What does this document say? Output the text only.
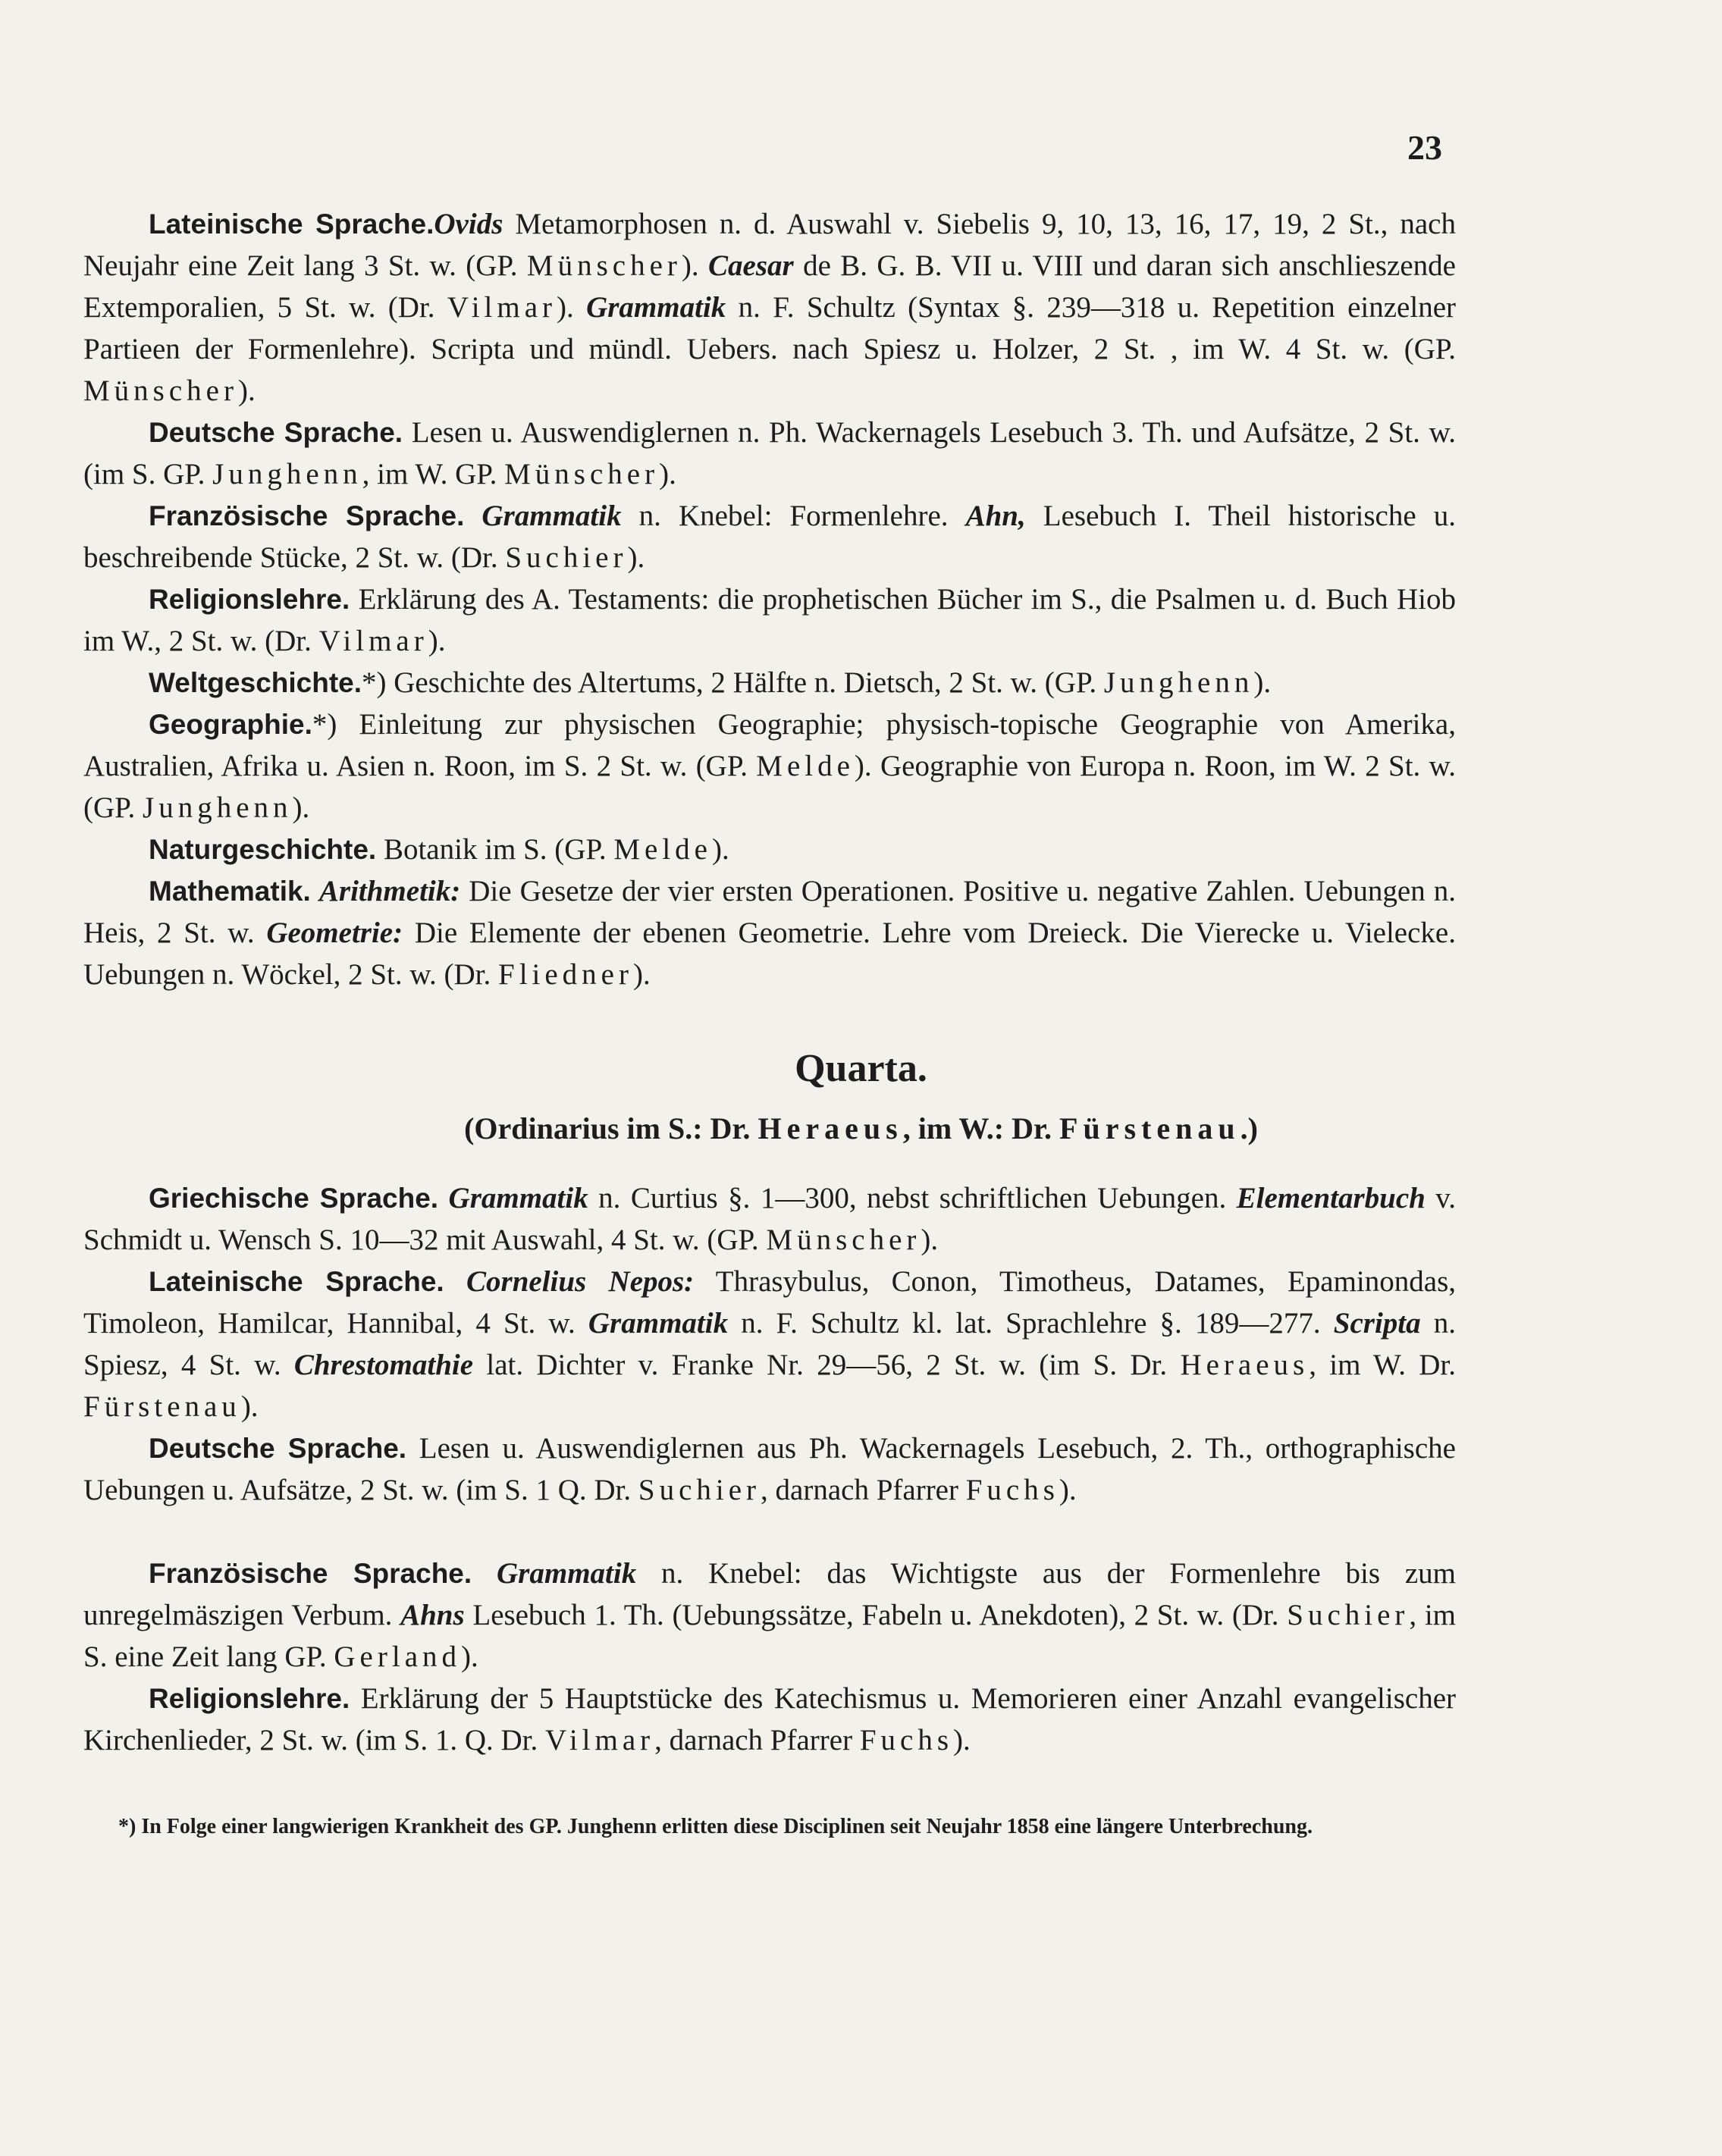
23
Lateinische Sprache.Ovids Metamorphosen n. d. Auswahl v. Siebelis 9, 10, 13, 16, 17, 19, 2 St., nach Neujahr eine Zeit lang 3 St. w. (GP. Münscher). Caesar de B. G. B. VII u. VIII und daran sich anschlieszende Extemporalien, 5 St. w. (Dr. Vilmar). Grammatik n. F. Schultz (Syntax §. 239—318 u. Repetition einzelner Partieen der Formenlehre). Scripta und mündl. Uebers. nach Spiesz u. Holzer, 2 St. , im W. 4 St. w. (GP. Münscher).
Deutsche Sprache. Lesen u. Auswendiglernen n. Ph. Wackernagels Lesebuch 3. Th. und Aufsätze, 2 St. w. (im S. GP. Junghenn, im W. GP. Münscher).
Französische Sprache. Grammatik n. Knebel: Formenlehre. Ahn, Lesebuch I. Theil historische u. beschreibende Stücke, 2 St. w. (Dr. Suchier).
Religionslehre. Erklärung des A. Testaments: die prophetischen Bücher im S., die Psalmen u. d. Buch Hiob im W., 2 St. w. (Dr. Vilmar).
Weltgeschichte.*) Geschichte des Altertums, 2 Hälfte n. Dietsch, 2 St. w. (GP. Junghenn).
Geographie.*) Einleitung zur physischen Geographie; physisch-topische Geographie von Amerika, Australien, Afrika u. Asien n. Roon, im S. 2 St. w. (GP. Melde). Geographie von Europa n. Roon, im W. 2 St. w. (GP. Junghenn).
Naturgeschichte. Botanik im S. (GP. Melde).
Mathematik. Arithmetik: Die Gesetze der vier ersten Operationen. Positive u. negative Zahlen. Uebungen n. Heis, 2 St. w. Geometrie: Die Elemente der ebenen Geometrie. Lehre vom Dreieck. Die Vierecke u. Vielecke. Uebungen n. Wöckel, 2 St. w. (Dr. Fliedner).
Quarta.
(Ordinarius im S.: Dr. Heraeus, im W.: Dr. Fürstenau.)
Griechische Sprache. Grammatik n. Curtius §. 1—300, nebst schriftlichen Uebungen. Elementarbuch v. Schmidt u. Wensch S. 10—32 mit Auswahl, 4 St. w. (GP. Münscher).
Lateinische Sprache. Cornelius Nepos: Thrasybulus, Conon, Timotheus, Datames, Epaminondas, Timoleon, Hamilcar, Hannibal, 4 St. w. Grammatik n. F. Schultz kl. lat. Sprachlehre §. 189—277. Scripta n. Spiesz, 4 St. w. Chrestomathie lat. Dichter v. Franke Nr. 29—56, 2 St. w. (im S. Dr. Heraeus, im W. Dr. Fürstenau).
Deutsche Sprache. Lesen u. Auswendiglernen aus Ph. Wackernagels Lesebuch, 2. Th., orthographische Uebungen u. Aufsätze, 2 St. w. (im S. 1 Q. Dr. Suchier, darnach Pfarrer Fuchs).
Französische Sprache. Grammatik n. Knebel: das Wichtigste aus der Formenlehre bis zum unregelmäszigen Verbum. Ahns Lesebuch 1. Th. (Uebungssätze, Fabeln u. Anekdoten), 2 St. w. (Dr. Suchier, im S. eine Zeit lang GP. Gerland).
Religionslehre. Erklärung der 5 Hauptstücke des Katechismus u. Memorieren einer Anzahl evangelischer Kirchenlieder, 2 St. w. (im S. 1. Q. Dr. Vilmar, darnach Pfarrer Fuchs).
*) In Folge einer langwierigen Krankheit des GP. Junghenn erlitten diese Disciplinen seit Neujahr 1858 eine längere Unterbrechung.
